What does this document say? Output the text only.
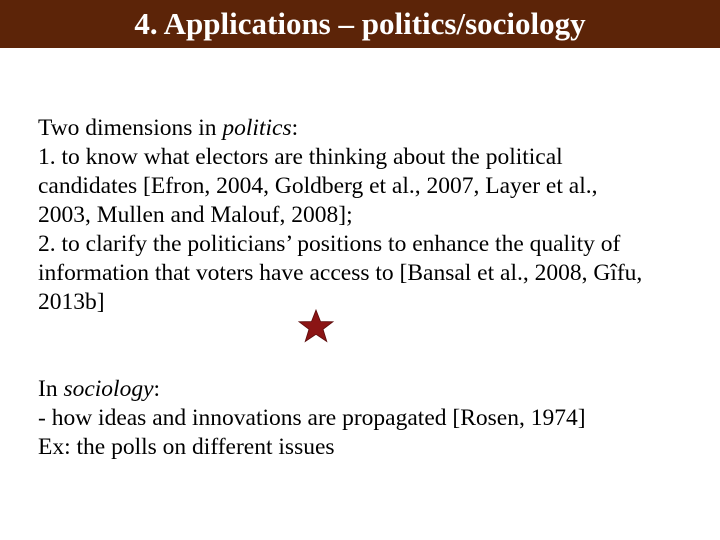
4. Applications – politics/sociology
Two dimensions in politics:
1. to know what electors are thinking about the political
candidates [Efron, 2004, Goldberg et al., 2007, Layer et al.,
2003, Mullen and Malouf, 2008];
2. to clarify the politicians’ positions to enhance the quality of
information that voters have access to [Bansal et al., 2008, Gîfu,
2013b]
In sociology:
- how ideas and innovations are propagated [Rosen, 1974]
Ex: the polls on different issues
